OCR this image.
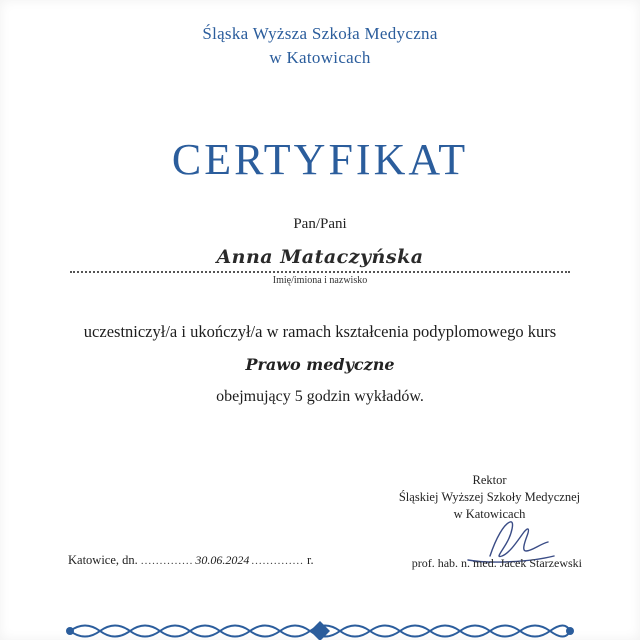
Śląska Wyższa Szkoła Medyczna
w Katowicach
CERTYFIKAT
Pan/Pani
Anna Mataczyńska
Imię/imiona i nazwisko
uczestniczył/a i ukończył/a w ramach kształcenia podyplomowego kurs
Prawo medyczne
obejmujący 5 godzin wykładów.
Rektor
Śląskiej Wyższej Szkoły Medycznej
w Katowicach
Katowice, dn. .............. 30.06.2024 .............. r.	prof. hab. n. med. Jacek Starzewski
